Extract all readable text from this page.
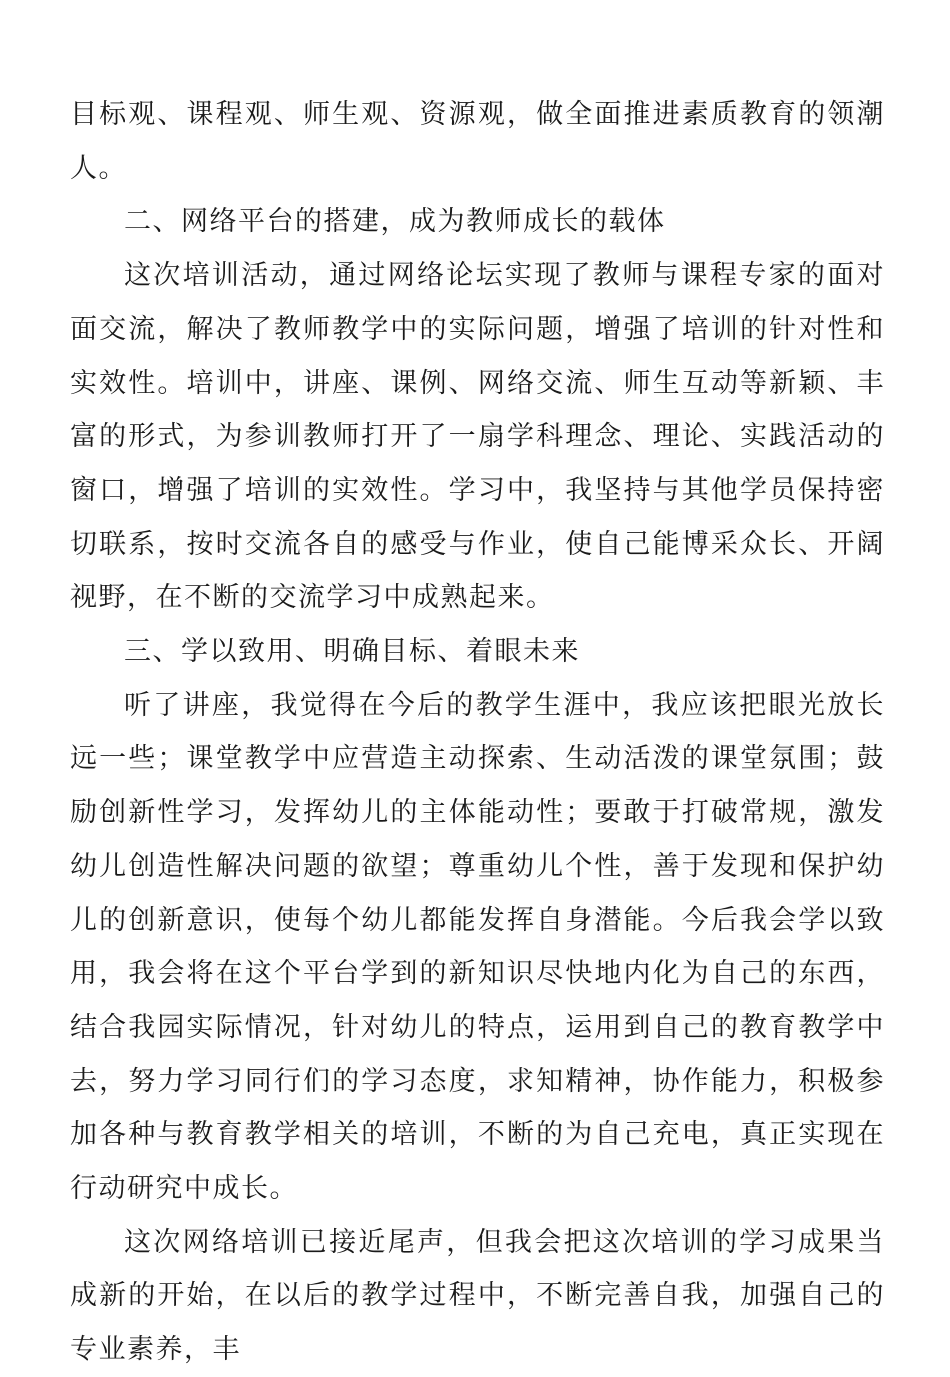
目标观、课程观、师生观、资源观，做全面推进素质教育的领潮人。

二、网络平台的搭建，成为教师成长的载体

这次培训活动，通过网络论坛实现了教师与课程专家的面对面交流，解决了教师教学中的实际问题，增强了培训的针对性和实效性。培训中，讲座、课例、网络交流、师生互动等新颖、丰富的形式，为参训教师打开了一扇学科理念、理论、实践活动的窗口，增强了培训的实效性。学习中，我坚持与其他学员保持密切联系，按时交流各自的感受与作业，使自己能博采众长、开阔视野，在不断的交流学习中成熟起来。

三、学以致用、明确目标、着眼未来

听了讲座，我觉得在今后的教学生涯中，我应该把眼光放长远一些；课堂教学中应营造主动探索、生动活泼的课堂氛围；鼓励创新性学习，发挥幼儿的主体能动性；要敢于打破常规，激发幼儿创造性解决问题的欲望；尊重幼儿个性，善于发现和保护幼儿的创新意识，使每个幼儿都能发挥自身潜能。今后我会学以致用，我会将在这个平台学到的新知识尽快地内化为自己的东西，结合我园实际情况，针对幼儿的特点，运用到自己的教育教学中去，努力学习同行们的学习态度，求知精神，协作能力，积极参加各种与教育教学相关的培训，不断的为自己充电，真正实现在行动研究中成长。

这次网络培训已接近尾声，但我会把这次培训的学习成果当成新的开始，在以后的教学过程中，不断完善自我，加强自己的专业素养，丰
